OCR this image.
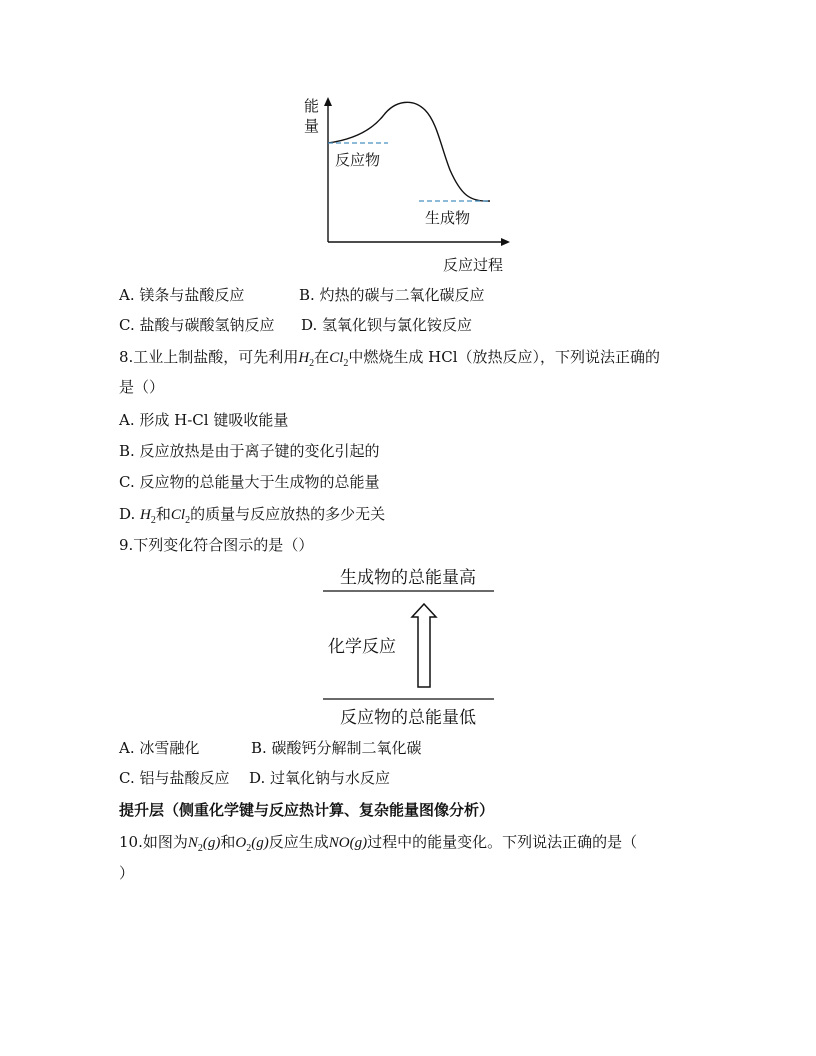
能
量
反应物
生成物
反应过程
A. 镁条与盐酸反应	B. 灼热的碳与二氧化碳反应
C. 盐酸与碳酸氢钠反应 D. 氢氧化钡与氯化铵反应
8.工业上制盐酸，可先利用$H_2$在$Cl_2$中燃烧生成 HCl（放热反应），下列说法正确的
是（）
A. 形成 H-Cl 键吸收能量
B. 反应放热是由于离子键的变化引起的
C. 反应物的总能量大于生成物的总能量
D. $H_2$和$Cl_2$的质量与反应放热的多少无关
9.下列变化符合图示的是（）
生成物的总能量高
化学反应
反应物的总能量低
A. 冰雪融化	B. 碳酸钙分解制二氧化碳
C. 铝与盐酸反应 D. 过氧化钠与水反应
提升层（侧重化学键与反应热计算、复杂能量图像分析）
10.如图为$N_2(g)$和$O_2(g)$反应生成NO(g)过程中的能量变化。下列说法正确的是（
）
